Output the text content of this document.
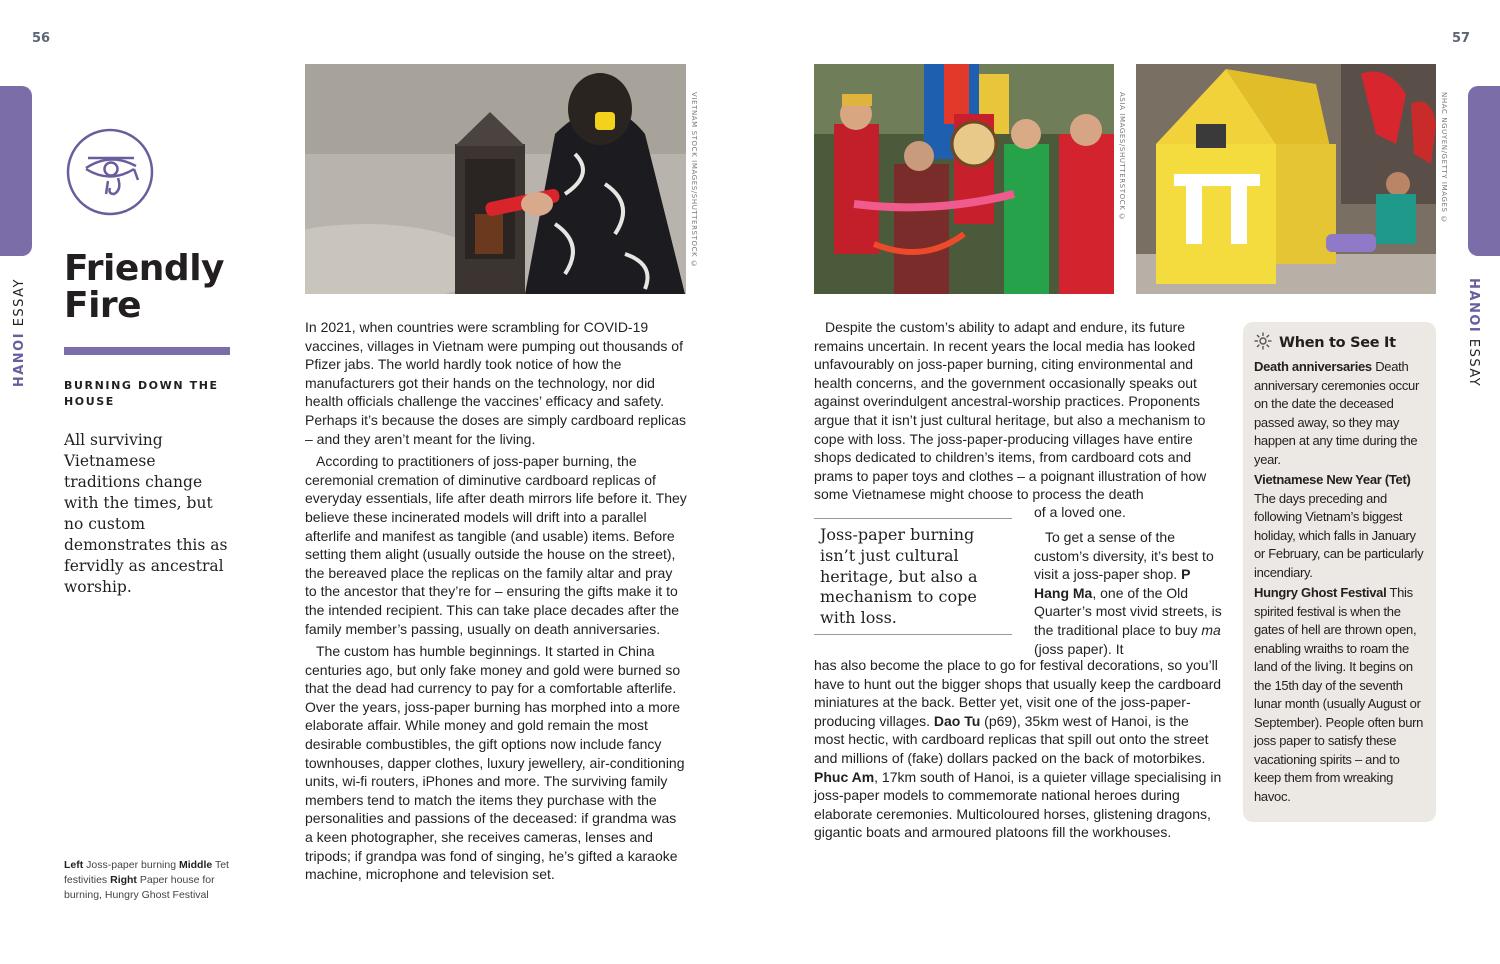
56	57
HANOI ESSAY	HANOI ESSAY
Friendly
Fire
BURNING DOWN THE
HOUSE
All surviving Vietnamese traditions change with the times, but no custom demonstrates this as fervidly as ancestral worship.
Left Joss-paper burning Middle Tet festivities Right Paper house for burning, Hungry Ghost Festival
VIETNAM STOCK IMAGES/SHUTTERSTOCK ©	ASIA IMAGES/SHUTTERSTOCK ©	NHAC NGUYEN/GETTY IMAGES ©

In 2021, when countries were scrambling for COVID-19 vaccines, villages in Vietnam were pumping out thousands of Pfizer jabs. The world hardly took notice of how the manufacturers got their hands on the technology, nor did health officials challenge the vaccines’ efficacy and safety. Perhaps it’s because the doses are simply cardboard replicas – and they aren’t meant for the living.

According to practitioners of joss-paper burning, the ceremonial cremation of diminutive cardboard replicas of everyday essentials, life after death mirrors life before it. They believe these incinerated models will drift into a parallel afterlife and manifest as tangible (and usable) items. Before setting them alight (usually outside the house on the street), the bereaved place the replicas on the family altar and pray to the ancestor that they’re for – ensuring the gifts make it to the intended recipient. This can take place decades after the family member’s passing, usually on death anniversaries.

The custom has humble beginnings. It started in China centuries ago, but only fake money and gold were burned so that the dead had currency to pay for a comfortable afterlife. Over the years, joss-paper burning has morphed into a more elaborate affair. While money and gold remain the most desirable combustibles, the gift options now include fancy townhouses, dapper clothes, luxury jewellery, air-conditioning units, wi-fi routers, iPhones and more. The surviving family members tend to match the items they purchase with the personalities and passions of the deceased: if grandma was a keen photographer, she receives cameras, lenses and tripods; if grandpa was fond of singing, he’s gifted a karaoke machine, microphone and television set.

Despite the custom’s ability to adapt and endure, its future remains uncertain. In recent years the local media has looked unfavourably on joss-paper burning, citing environmental and health concerns, and the government occasionally speaks out against overindulgent ancestral-worship practices. Proponents argue that it isn’t just cultural heritage, but also a mechanism to cope with loss. The joss-paper-producing villages have entire shops dedicated to children’s items, from cardboard cots and prams to paper toys and clothes – a poignant illustration of how some Vietnamese might choose to process the death

of a loved one.

Joss-paper burning isn’t just cultural heritage, but also a mechanism to cope with loss.

To get a sense of the custom’s diversity, it’s best to visit a joss-paper shop. P Hang Ma, one of the Old Quarter’s most vivid streets, is the traditional place to buy ma (joss paper). It

has also become the place to go for festival decorations, so you’ll have to hunt out the bigger shops that usually keep the cardboard miniatures at the back. Better yet, visit one of the joss-paper-producing villages. Dao Tu (p69), 35km west of Hanoi, is the most hectic, with cardboard replicas that spill out onto the street and millions of (fake) dollars packed on the back of motorbikes. Phuc Am, 17km south of Hanoi, is a quieter village specialising in joss-paper models to commemorate national heroes during elaborate ceremonies. Multicoloured horses, glistening dragons, gigantic boats and armoured platoons fill the workhouses.

When to See It
Death anniversaries Death anniversary ceremonies occur on the date the deceased passed away, so they may happen at any time during the year.
Vietnamese New Year (Tet) The days preceding and following Vietnam’s biggest holiday, which falls in January or February, can be particularly incendiary.
Hungry Ghost Festival This spirited festival is when the gates of hell are thrown open, enabling wraiths to roam the land of the living. It begins on the 15th day of the seventh lunar month (usually August or September). People often burn joss paper to satisfy these vacationing spirits – and to keep them from wreaking havoc.
